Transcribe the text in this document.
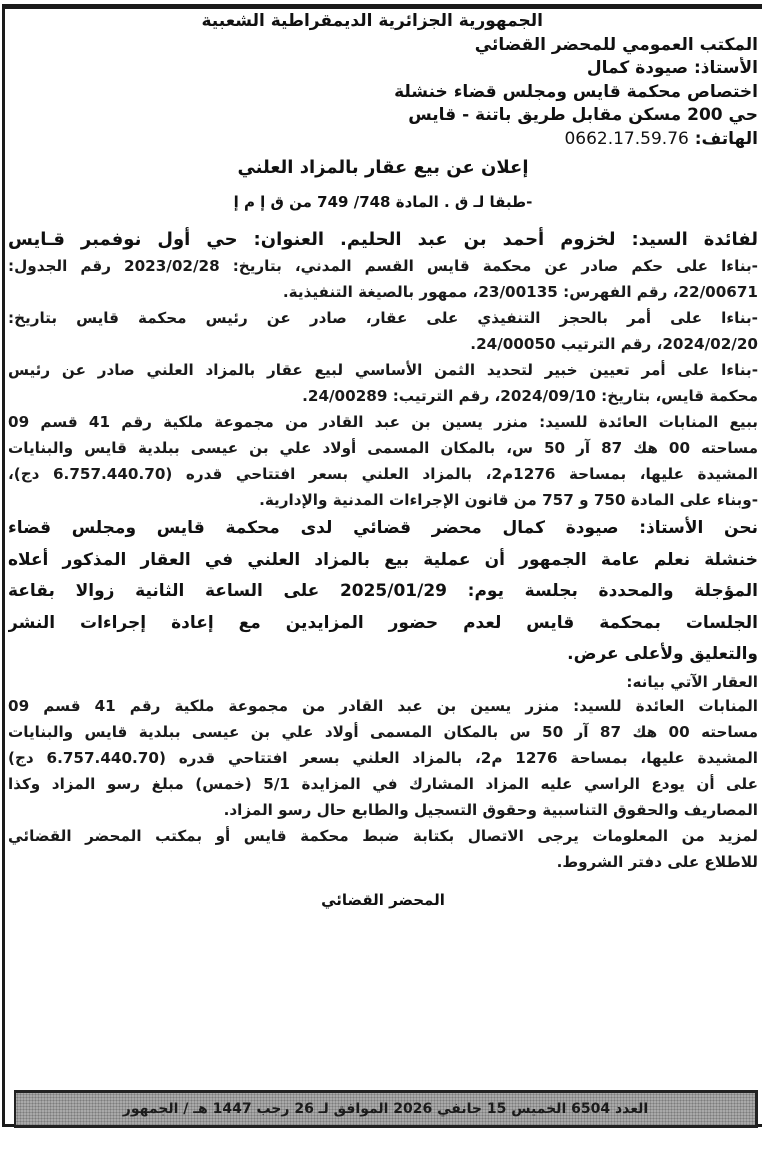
الجمهورية الجزائرية الديمقراطية الشعبية
المكتب العمومي للمحضر القضائي
الأستاذ: صيودة كمال
اختصاص محكمة قايس ومجلس قضاء خنشلة
حي 200 مسكن مقابل طريق باتنة - قايس
الهاتف: 0662.17.59.76
إعلان عن بيع عقار بالمزاد العلني
-طبقا لـ ق . المادة 748/ 749 من ق إ م إ
لفائدة السيد: لخزوم أحمد بن عبد الحليم. العنوان: حي أول نوفمبر قـايس
-بناءا على حكم صادر عن محكمة قايس القسم المدني، بتاريخ: 2023/02/28 رقم الجدول:
22/00671، رقم الفهرس: 23/00135، ممهور بالصيغة التنفيذية.
-بناءا على أمر بالحجز التنفيذي على عقار، صادر عن رئيس محكمة قايس بتاريخ:
2024/02/20، رقم الترتيب 24/00050.
-بناءا على أمر تعيين خبير لتحديد الثمن الأساسي لبيع عقار بالمزاد العلني صادر عن رئيس
محكمة قايس، بتاريخ: 2024/09/10، رقم الترتيب: 24/00289.
ببيع المنابات العائدة للسيد: منزر يسين بن عبد القادر من مجموعة ملكية رقم 41 قسم 09
مساحته 00 هك 87 آر 50 س، بالمكان المسمى أولاد علي بن عيسى ببلدية قايس والبنايات
المشيدة عليها، بمساحة 1276م2، بالمزاد العلني بسعر افتتاحي قدره (6.757.440.70 دج)،
-وبناء على المادة 750 و 757 من قانون الإجراءات المدنية والإدارية.
نحن الأستاذ: صيودة كمال محضر قضائي لدى محكمة قايس ومجلس قضاء
خنشلة نعلم عامة الجمهور أن عملية بيع بالمزاد العلني في العقار المذكور أعلاه
المؤجلة والمحددة بجلسة يوم: 2025/01/29 على الساعة الثانية زوالا بقاعة
الجلسات بمحكمة قايس لعدم حضور المزايدين مع إعادة إجراءات النشر
والتعليق ولأعلى عرض.
العقار الآتي بيانه:
المنابات العائدة للسيد: منزر يسين بن عبد القادر من مجموعة ملكية رقم 41 قسم 09
مساحته 00 هك 87 آر 50 س بالمكان المسمى أولاد علي بن عيسى ببلدية قايس والبنايات
المشيدة عليها، بمساحة 1276 م2، بالمزاد العلني بسعر افتتاحي قدره (6.757.440.70 دج)
على أن يودع الراسي عليه المزاد المشارك في المزايدة 5/1 (خمس) مبلغ رسو المزاد وكذا
المصاريف والحقوق التناسبية وحقوق التسجيل والطابع حال رسو المزاد.
لمزيد من المعلومات يرجى الاتصال بكتابة ضبط محكمة قايس أو بمكتب المحضر القضائي
للاطلاع على دفتر الشروط.
المحضر القضائي
العدد 6504 الخميس 15 جانفي 2026 الموافق لـ 26 رجب 1447 هـ / الجمهور
